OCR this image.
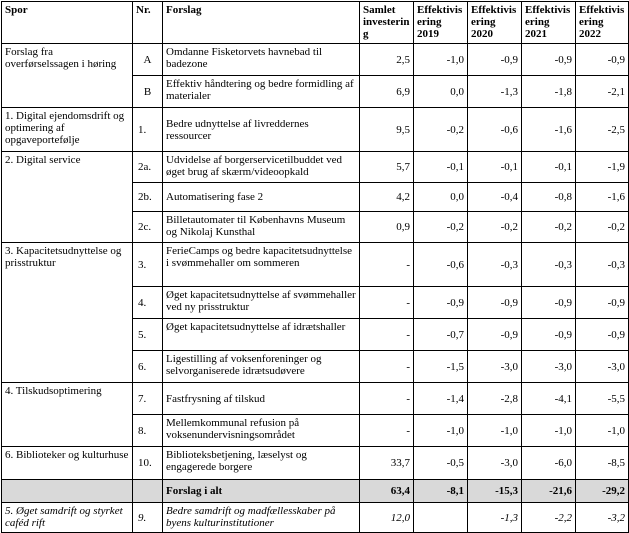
Spor	Nr.	Forslag	Samlet investering	Effektivisering 2019	Effektivisering 2020	Effektivisering 2021	Effektivisering 2022
Forslag fra overførselssagen i høring	A	Omdanne Fisketorvets havnebad til badezone	2,5	-1,0	-0,9	-0,9	-0,9
	B	Effektiv håndtering og bedre formidling af materialer	6,9	0,0	-1,3	-1,8	-2,1
1. Digital ejendomsdrift og optimering af opgaveportefølje	1.	Bedre udnyttelse af livreddernes ressourcer	9,5	-0,2	-0,6	-1,6	-2,5
2. Digital service	2a.	Udvidelse af borgerservicetilbuddet ved øget brug af skærm/videoopkald	5,7	-0,1	-0,1	-0,1	-1,9
	2b.	Automatisering fase 2	4,2	0,0	-0,4	-0,8	-1,6
	2c.	Billetautomater til Københavns Museum og Nikolaj Kunsthal	0,9	-0,2	-0,2	-0,2	-0,2
3. Kapacitetsudnyttelse og prisstruktur	3.	FerieCamps og bedre kapacitetsudnyttelse i svømmehaller om sommeren	-	-0,6	-0,3	-0,3	-0,3
	4.	Øget kapacitetsudnyttelse af svømmehaller ved ny prisstruktur	-	-0,9	-0,9	-0,9	-0,9
	5.	Øget kapacitetsudnyttelse af idrætshaller	-	-0,7	-0,9	-0,9	-0,9
	6.	Ligestilling af voksenforeninger og selvorganiserede idrætsudøvere	-	-1,5	-3,0	-3,0	-3,0
4. Tilskudsoptimering	7.	Fastfrysning af tilskud	-	-1,4	-2,8	-4,1	-5,5
	8.	Mellemkommunal refusion på voksenundervisningsområdet	-	-1,0	-1,0	-1,0	-1,0
6. Biblioteker og kulturhuse	10.	Biblioteksbetjening, læselyst og engagerede borgere	33,7	-0,5	-3,0	-6,0	-8,5
		Forslag i alt	63,4	-8,1	-15,3	-21,6	-29,2
5. Øget samdrift og styrket caféd rift	9.	Bedre samdrift og madfællesskaber på byens kulturinstitutioner	12,0		-1,3	-2,2	-3,2
